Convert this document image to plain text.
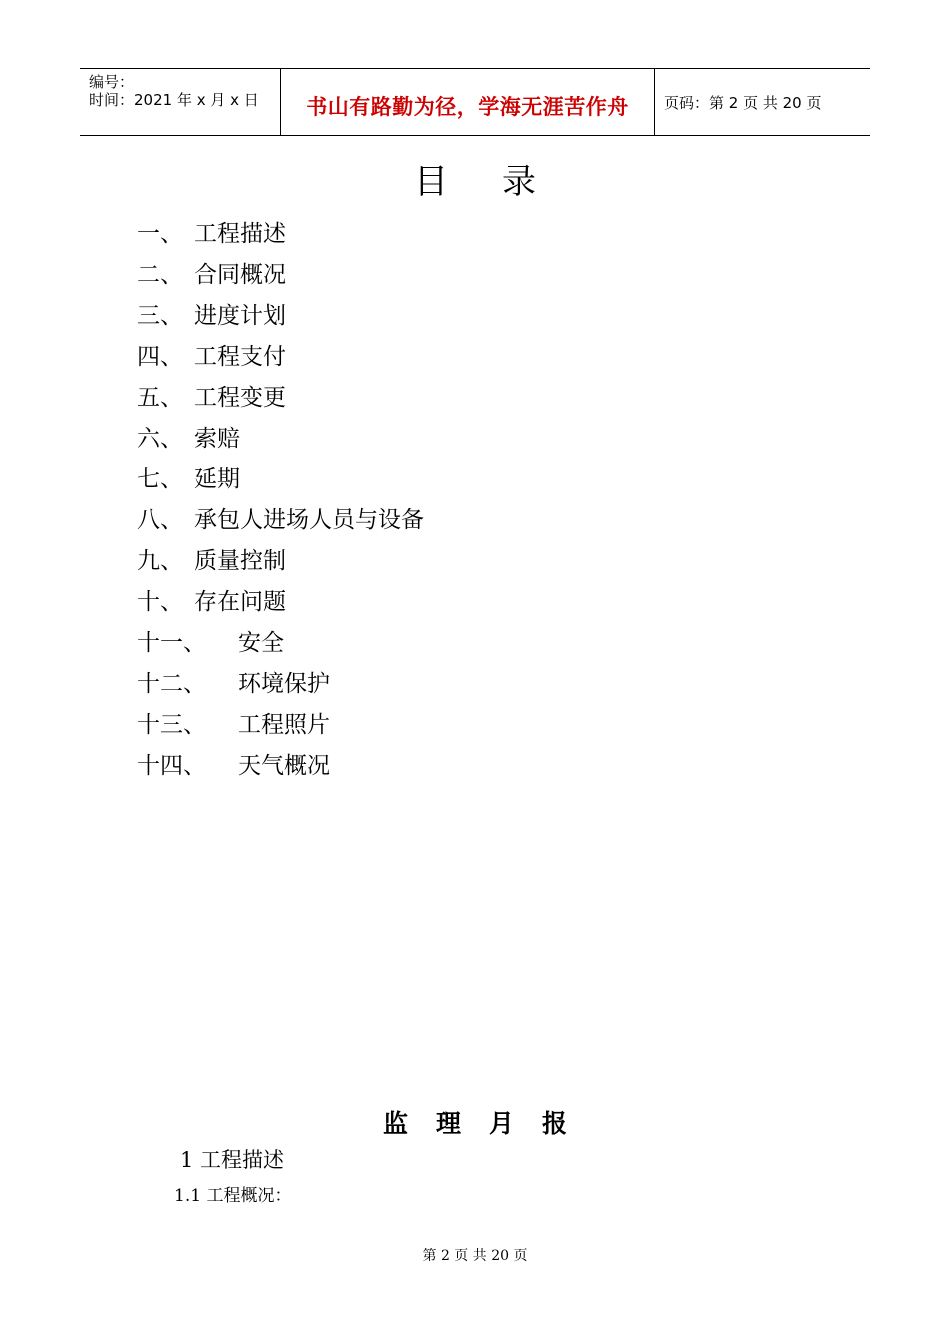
编号：
时间：2021 年 x 月 x 日	书山有路勤为径，学海无涯苦作舟	页码：第 2 页 共 20 页
目 录
一、 工程描述
二、 合同概况
三、 进度计划
四、 工程支付
五、 工程变更
六、 索赔
七、 延期
八、 承包人进场人员与设备
九、 质量控制
十、 存在问题
十一、 安全
十二、 环境保护
十三、 工程照片
十四、 天气概况
监理月报
1 工程描述
1.1 工程概况：
第 2 页 共 20 页
